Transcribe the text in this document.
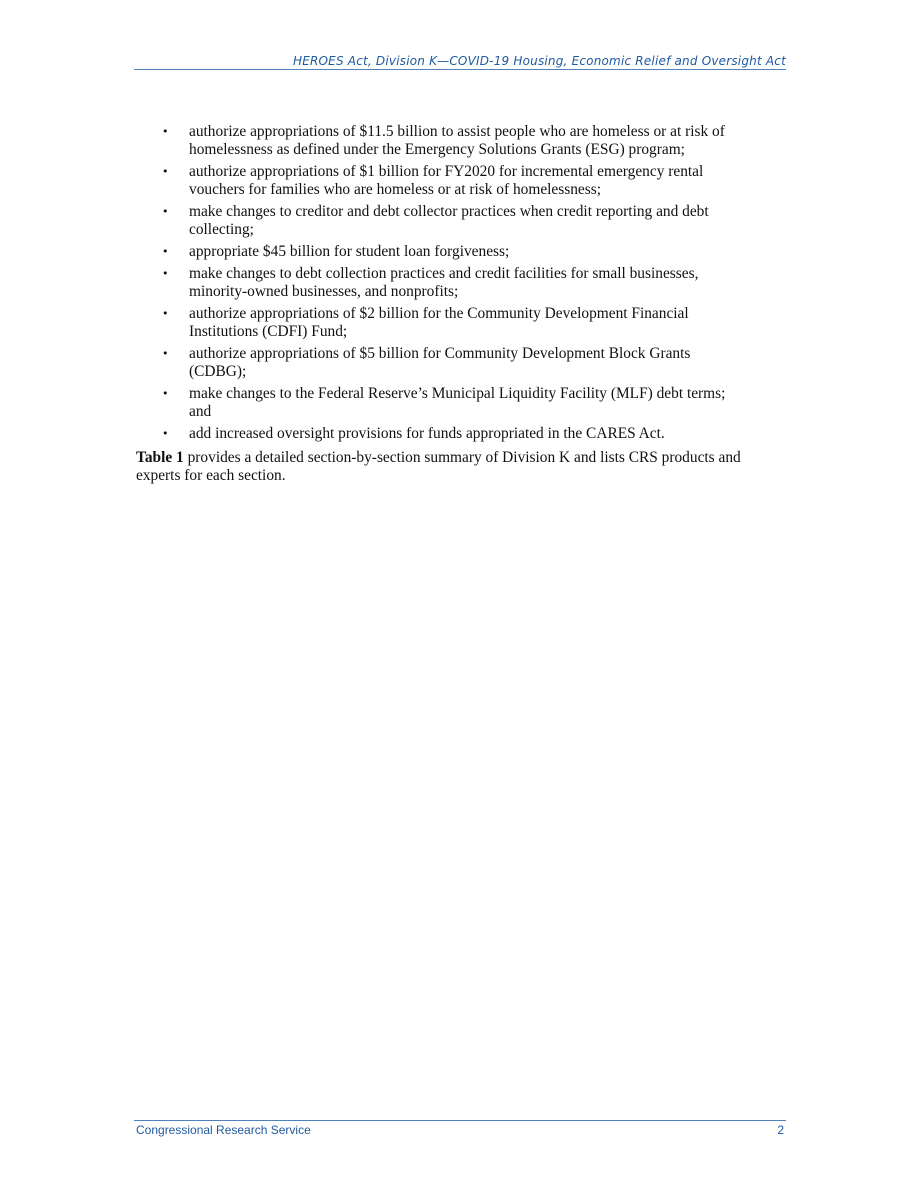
HEROES Act, Division K—COVID-19 Housing, Economic Relief and Oversight Act
• authorize appropriations of $11.5 billion to assist people who are homeless or at risk of homelessness as defined under the Emergency Solutions Grants (ESG) program;
• authorize appropriations of $1 billion for FY2020 for incremental emergency rental vouchers for families who are homeless or at risk of homelessness;
• make changes to creditor and debt collector practices when credit reporting and debt collecting;
• appropriate $45 billion for student loan forgiveness;
• make changes to debt collection practices and credit facilities for small businesses, minority-owned businesses, and nonprofits;
• authorize appropriations of $2 billion for the Community Development Financial Institutions (CDFI) Fund;
• authorize appropriations of $5 billion for Community Development Block Grants (CDBG);
• make changes to the Federal Reserve’s Municipal Liquidity Facility (MLF) debt terms; and
• add increased oversight provisions for funds appropriated in the CARES Act.

Table 1 provides a detailed section-by-section summary of Division K and lists CRS products and experts for each section.

Congressional Research Service	2
